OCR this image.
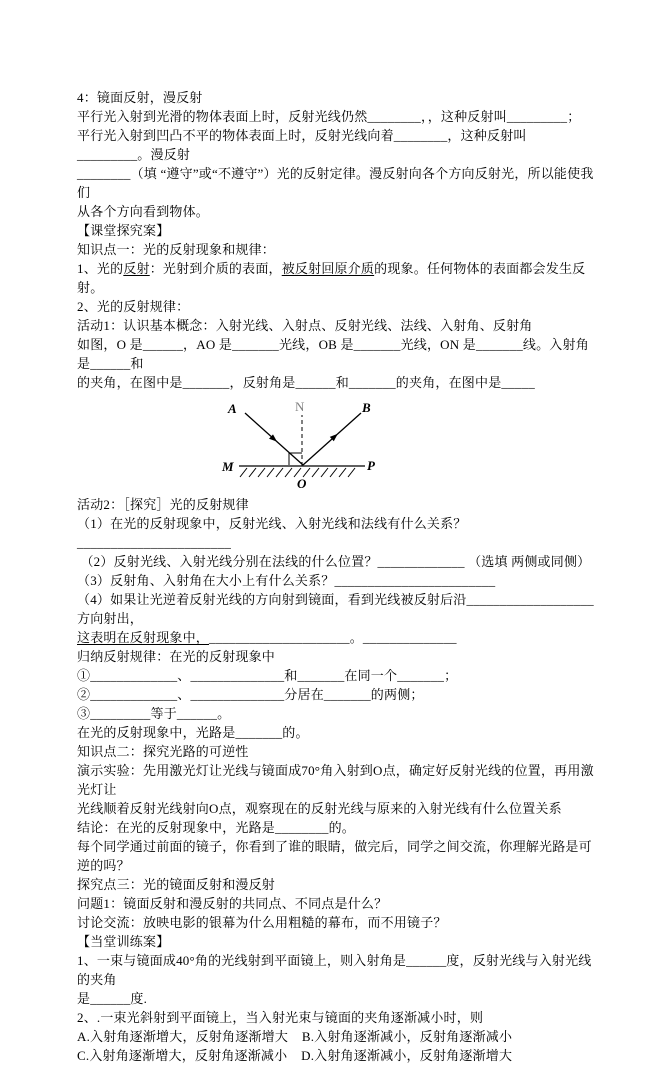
4：镜面反射，漫反射
平行光入射到光滑的物体表面上时，反射光线仍然________，，这种反射叫_________；
平行光入射到凹凸不平的物体表面上时，反射光线向着________，这种反射叫_________。漫反射
________（填 “遵守”或“不遵守”）光的反射定律。漫反射向各个方向反射光，所以能使我们
从各个方向看到物体。
【课堂探究案】
知识点一：光的反射现象和规律：
1、光的反射：光射到介质的表面，被反射回原介质的现象。任何物体的表面都会发生反射。
2、光的反射规律：
活动1：认识基本概念：入射光线、入射点、反射光线、法线、入射角、反射角
如图，O 是______，AO 是_______光线，OB 是_______光线，ON 是_______线。入射角是______和
的夹角，在图中是_______，反射角是______和_______的夹角，在图中是_____
A	N	B
M	P
O
活动2：［探究］光的反射规律
（1）在光的反射现象中，反射光线、入射光线和法线有什么关系？_______________________
（2）反射光线、入射光线分别在法线的什么位置？_____________ （选填 两侧或同侧）
（3）反射角、入射角在大小上有什么关系？________________________
（4）如果让光逆着反射光线的方向射到镜面，看到光线被反射后沿___________________方向射出，
这表明在反射现象中，_____________________。______________
归纳反射规律：在光的反射现象中
①_____________、______________和_______在同一个_______；
②_____________、______________分居在_______的两侧；
③_________等于______。
在光的反射现象中，光路是_______的。
知识点二：探究光路的可逆性
演示实验：先用激光灯让光线与镜面成70°角入射到O点，确定好反射光线的位置，再用激光灯让
光线顺着反射光线射向O点，观察现在的反射光线与原来的入射光线有什么位置关系
结论：在光的反射现象中，光路是________的。
每个同学通过前面的镜子，你看到了谁的眼睛，做完后，同学之间交流，你理解光路是可逆的吗？
探究点三：光的镜面反射和漫反射
问题1：镜面反射和漫反射的共同点、不同点是什么？
讨论交流：放映电影的银幕为什么用粗糙的幕布，而不用镜子？
【当堂训练案】
1、一束与镜面成40°角的光线射到平面镜上，则入射角是______度，反射光线与入射光线的夹角
是______度.
2、.一束光斜射到平面镜上，当入射光束与镜面的夹角逐渐减小时，则
A.入射角逐渐增大，反射角逐渐增大    B.入射角逐渐减小，反射角逐渐减小
C.入射角逐渐增大，反射角逐渐减小    D.入射角逐渐减小，反射角逐渐增大
